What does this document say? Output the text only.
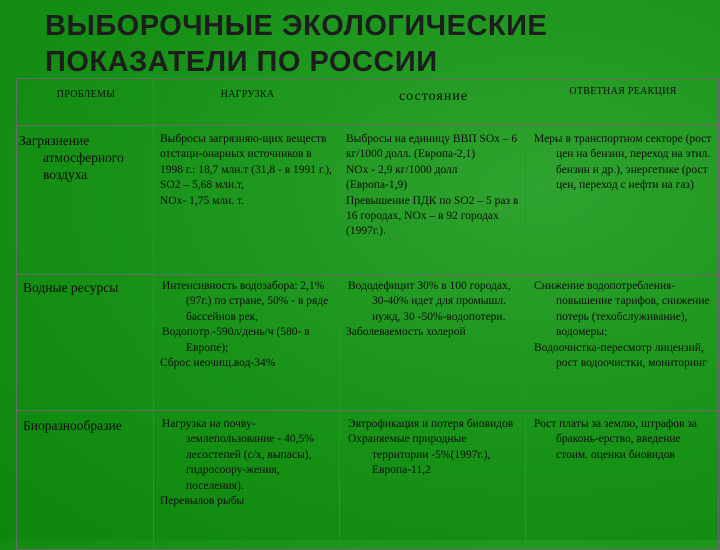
ВЫБОРОЧНЫЕ ЭКОЛОГИЧЕСКИЕ
ПОКАЗАТЕЛИ ПО РОССИИ
ПРОБЛЕМЫ	НАГРУЗКА	состояние	ОТВЕТНАЯ РЕАКЦИЯ
Загрязнение атмосферного воздуха	Выбросы загрязняю-щих веществ отстаци-онарных источников в 1998 г.: 18,7 млн.т (31,8 - в 1991 г.),
SO2 – 5,68 млн.т,
NOx- 1,75 млн. т.	Выбросы на единицу ВВП SOx – 6 кг/1000 долл. (Европа-2,1)
NOx - 2,9 кг/1000 долл (Европа-1,9)
Превышение ПДК по SO2 – 5 раз в 16 городах, NOx – в 92 городах (1997г.).	Меры в транспортном секторе (рост цен на бензин, переход на этил. бензин и др.), энергетике (рост цен, переход с нефти на газ)

Водные ресурсы	Интенсивность водозабора: 2,1%(97г.) по стране, 50% - в ряде бассейнов рек,
Водопотр.-590л/день/ч (580- в Европе);
Сброс неочищ.вод-34%	Вододефицит 30% в 100 городах, 30-40% идет для промышл. нужд, 30 -50%-водопотери.
Заболеваемость холерой	Снижение водопотребления-повышение тарифов, снижение потерь (техобслуживание), водомеры;
Водоочистка-пересмотр лицензий, рост водоочистки, мониторинг

Биоразнообразие	Нагрузка на почву-землепользование - 40,5% лесостепей (с/х, выпасы), гидросоору-жения, поселения).
Перевылов рыбы	Эвтрофикация и потеря биовидов
Охраняемые природные территории -5%(1997г.), Европа-11,2	Рост платы за землю, штрафов за браконь-ерство, введение стоим. оценки биовидов
